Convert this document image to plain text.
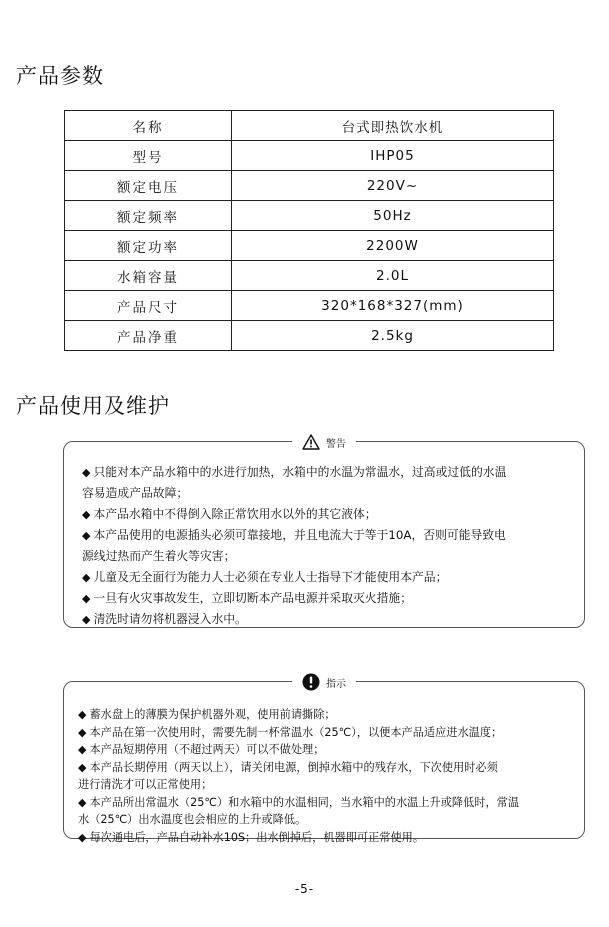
产品参数
名称	台式即热饮水机
型号	IHP05
额定电压	220V~
额定频率	50Hz
额定功率	2200W
水箱容量	2.0L
产品尺寸	320*168*327(mm)
产品净重	2.5kg
产品使用及维护
警告
◆ 只能对本产品水箱中的水进行加热，水箱中的水温为常温水，过高或过低的水温
容易造成产品故障；
◆ 本产品水箱中不得倒入除正常饮用水以外的其它液体；
◆ 本产品使用的电源插头必须可靠接地，并且电流大于等于10A，否则可能导致电
源线过热而产生着火等灾害；
◆ 儿童及无全面行为能力人士必须在专业人士指导下才能使用本产品；
◆ 一旦有火灾事故发生，立即切断本产品电源并采取灭火措施；
◆ 清洗时请勿将机器浸入水中。
指示
◆ 蓄水盘上的薄膜为保护机器外观，使用前请撕除；
◆ 本产品在第一次使用时，需要先制一杯常温水（25℃），以便本产品适应进水温度；
◆ 本产品短期停用（不超过两天）可以不做处理；
◆ 本产品长期停用（两天以上），请关闭电源，倒掉水箱中的残存水，下次使用时必须
进行清洗才可以正常使用；
◆ 本产品所出常温水（25℃）和水箱中的水温相同，当水箱中的水温上升或降低时，常温
水（25℃）出水温度也会相应的上升或降低。
◆ 每次通电后，产品自动补水10S；出水倒掉后，机器即可正常使用。
-5-
